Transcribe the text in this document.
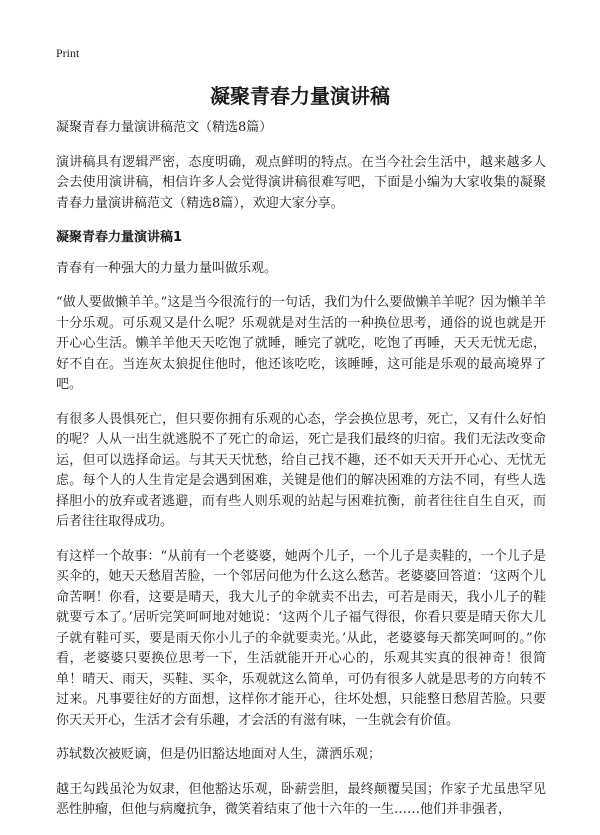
Print
凝聚青春力量演讲稿

凝聚青春力量演讲稿范文（精选8篇）

演讲稿具有逻辑严密，态度明确，观点鲜明的特点。在当今社会生活中，越来越多人会去使用演讲稿，相信许多人会觉得演讲稿很难写吧，下面是小编为大家收集的凝聚青春力量演讲稿范文（精选8篇），欢迎大家分享。

凝聚青春力量演讲稿1

青春有一种强大的力量力量叫做乐观。

“做人要做懒羊羊。”这是当今很流行的一句话，我们为什么要做懒羊羊呢？因为懒羊羊十分乐观。可乐观又是什么呢？乐观就是对生活的一种换位思考，通俗的说也就是开开心心生活。懒羊羊他天天吃饱了就睡，睡完了就吃，吃饱了再睡，天天无忧无虑，好不自在。当连灰太狼捉住他时，他还该吃吃，该睡睡，这可能是乐观的最高境界了吧。

有很多人畏惧死亡，但只要你拥有乐观的心态，学会换位思考，死亡，又有什么好怕的呢？人从一出生就逃脱不了死亡的命运，死亡是我们最终的归宿。我们无法改变命运，但可以选择命运。与其天天忧愁，给自己找不趣，还不如天天开开心心、无忧无虑。每个人的人生肯定是会遇到困难，关键是他们的解决困难的方法不同，有些人选择胆小的放弃或者逃避，而有些人则乐观的站起与困难抗衡，前者往往自生自灭，而后者往往取得成功。

有这样一个故事：“从前有一个老婆婆，她两个儿子，一个儿子是卖鞋的，一个儿子是买伞的，她天天愁眉苦脸，一个邻居问他为什么这么愁苦。老婆婆回答道：‘这两个儿命苦啊！你看，这要是晴天，我大儿子的伞就卖不出去，可若是雨天，我小儿子的鞋就要亏本了。’居听完笑呵呵地对她说：‘这两个儿子福气得很，你看只要是晴天你大儿子就有鞋可买，要是雨天你小儿子的伞就要卖光。’从此，老婆婆每天都笑呵呵的。”你看，老婆婆只要换位思考一下，生活就能开开心心的，乐观其实真的很神奇！很简单！晴天、雨天，买鞋、买伞，乐观就这么简单，可仍有很多人就是思考的方向转不过来。凡事要往好的方面想，这样你才能开心，往坏处想，只能整日愁眉苦脸。只要你天天开心，生活才会有乐趣，才会活的有滋有味，一生就会有价值。

苏轼数次被贬谪，但是仍旧豁达地面对人生，潇洒乐观；

越王勾践虽沦为奴隶，但他豁达乐观，卧薪尝胆，最终颠覆吴国；作家子尤虽患罕见恶性肿瘤，但他与病魔抗争，微笑着结束了他十六年的一生……他们并非强者，
